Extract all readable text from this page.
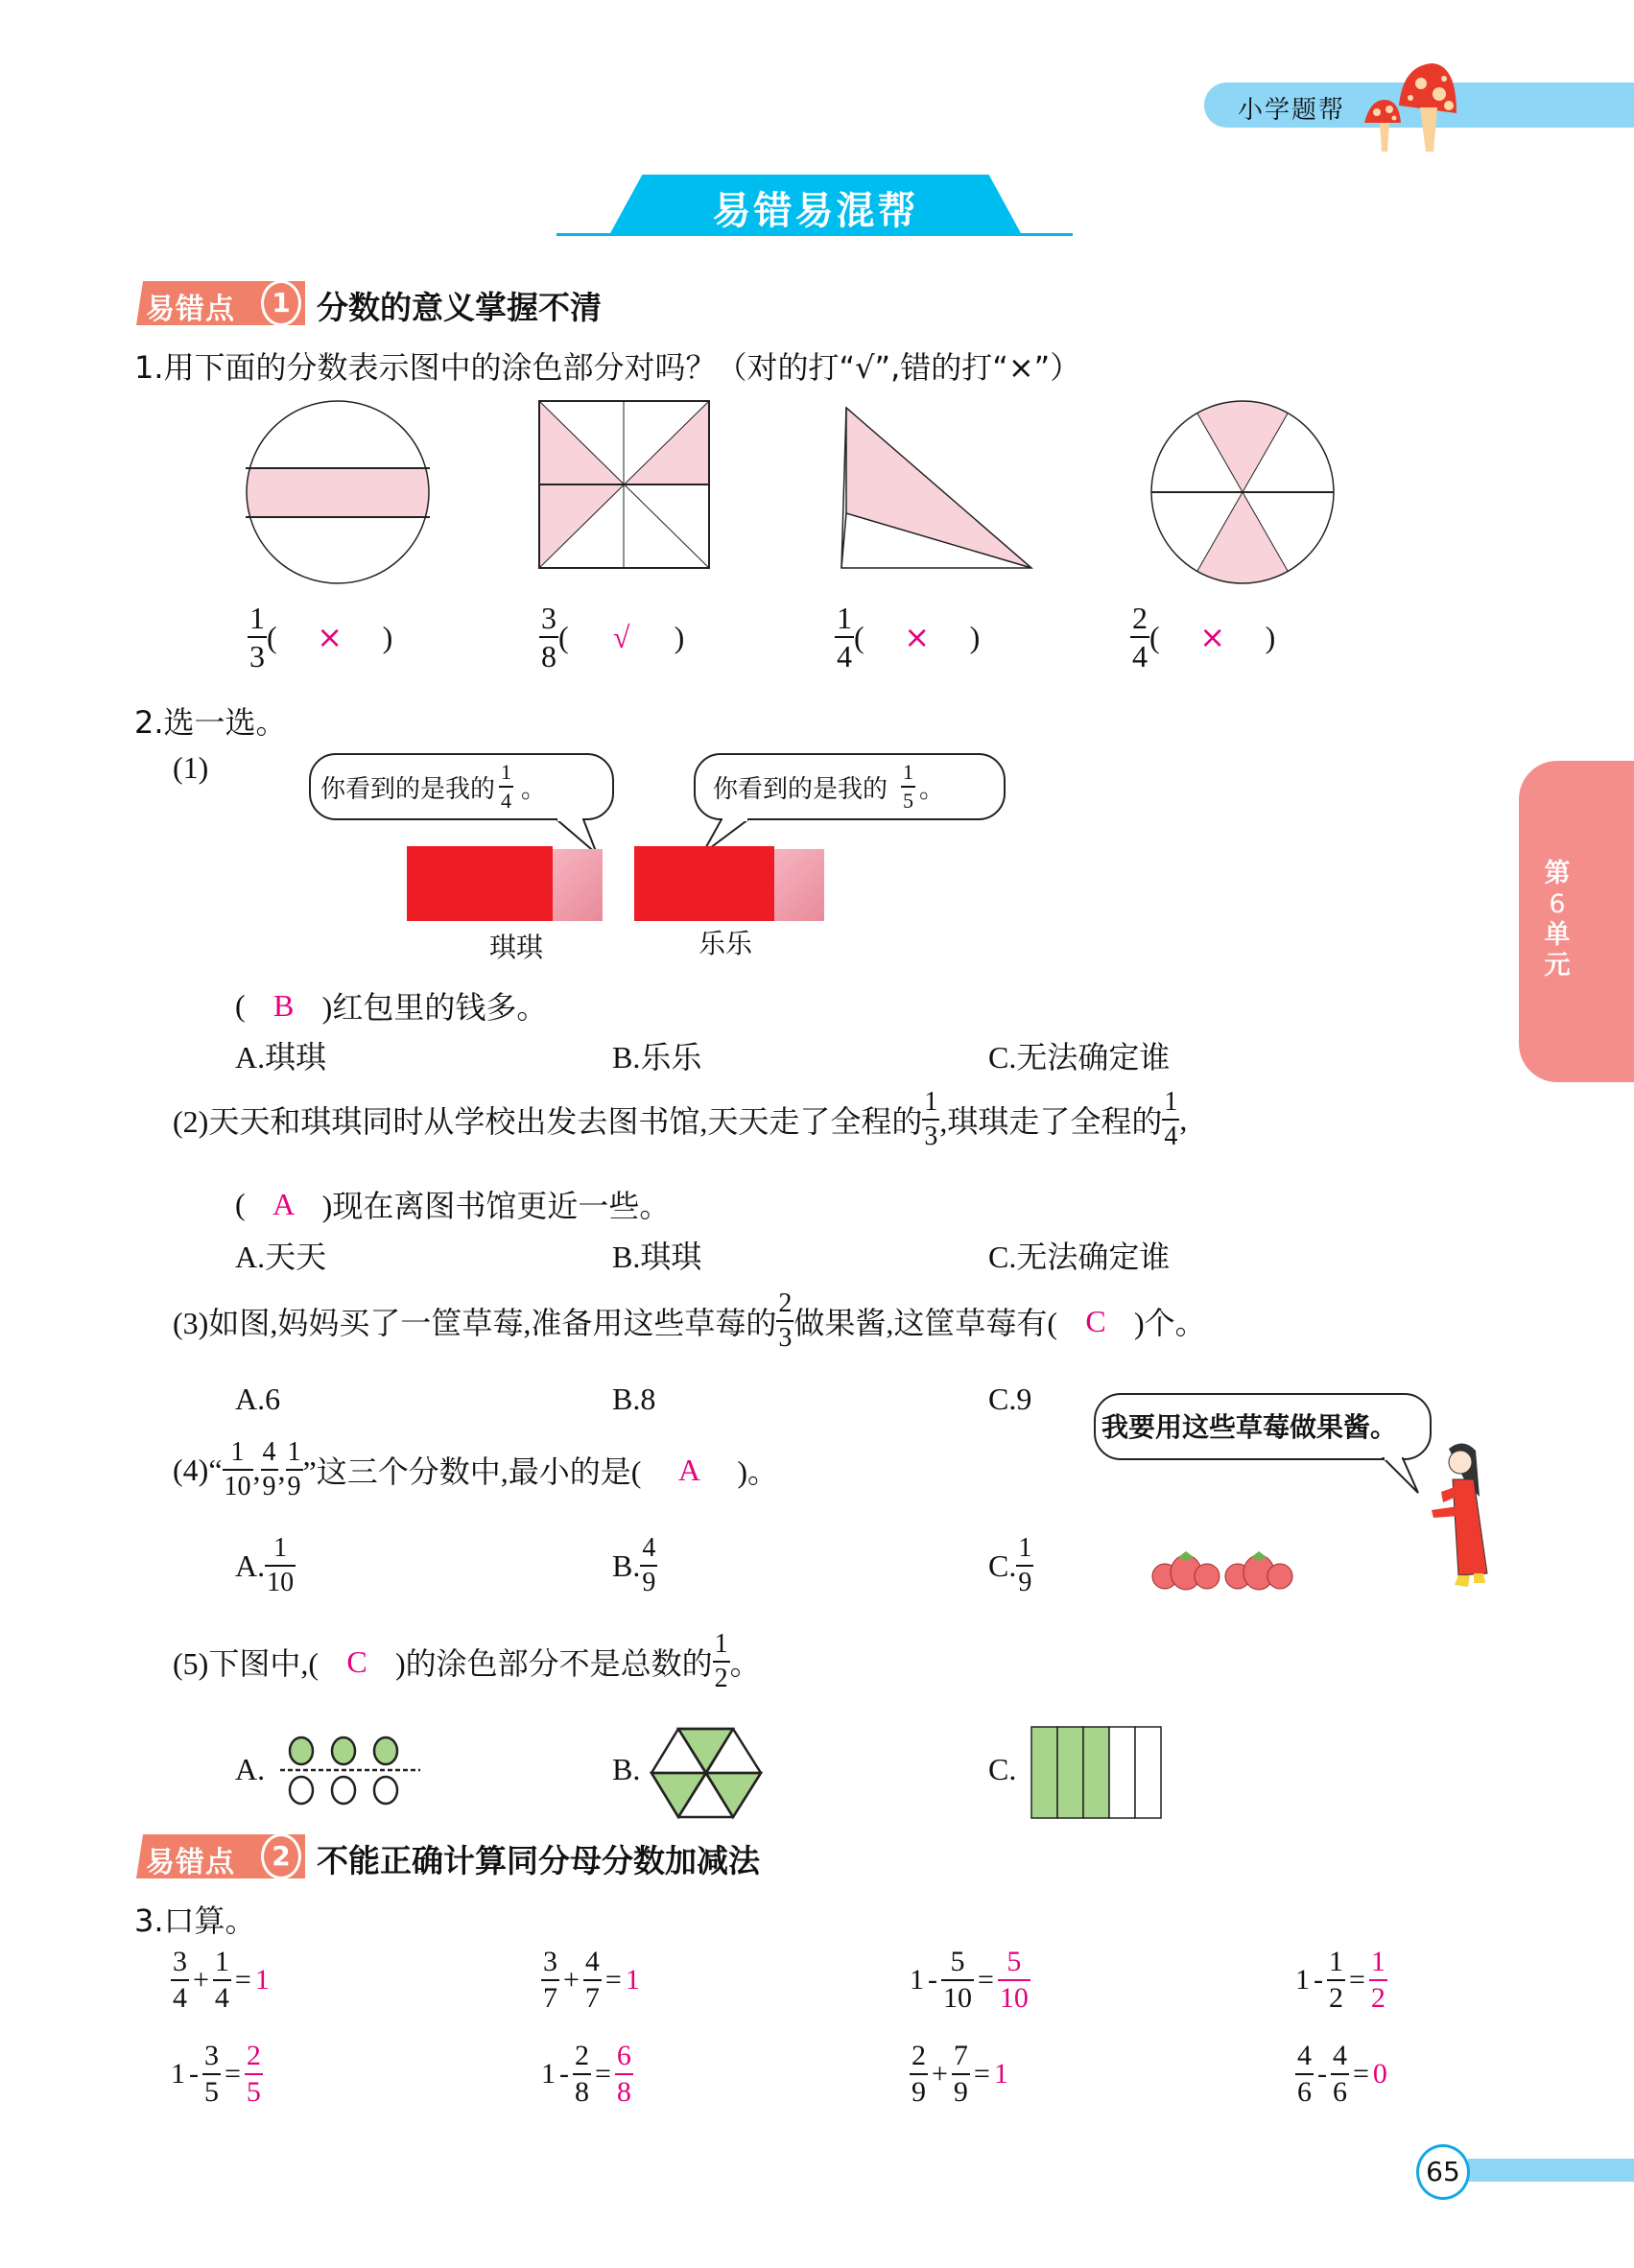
小学题帮
易错易混帮
第
6
单
元
易错点	1 分数的意义掌握不清
1.用下面的分数表示图中的涂色部分对吗？（对的打“√”,错的打“×”）
$\frac{1}{3}$ (	×	)	$\frac{3}{8}$ (	√	)	$\frac{1}{4}$ (	×	)	$\frac{2}{4}$ (	×	)
2.选一选。
(1)
你看到的是我的 $\frac{1}{4}$ 。	你看到的是我的 $\frac{1}{5}$ 。
琪琪	乐乐
( B )红包里的钱多。
A.琪琪	B.乐乐	C.无法确定谁
(2)天天和琪琪同时从学校出发去图书馆,天天走了全程的 $\frac{1}{3}$ ,琪琪走了全程的 $\frac{1}{4}$ ,
( A )现在离图书馆更近一些。
A.天天	B.琪琪	C.无法确定谁
(3)如图,妈妈买了一筐草莓,准备用这些草莓的 $\frac{2}{3}$ 做果酱,这筐草莓有( C )个。
A.6	B.8	C.9
我要用这些草莓做果酱。
(4)“ $\frac{1}{10}$ , $\frac{4}{9}$ , $\frac{1}{9}$ ”这三个分数中,最小的是(	A	)。
A. $\frac{1}{10}$	B. $\frac{4}{9}$	C. $\frac{1}{9}$
(5)下图中,( C )的涂色部分不是总数的 $\frac{1}{2}$ 。
A.	B.	C.
易错点	2 不能正确计算同分母分数加减法
3.口算。
$\frac{3}{4} + \frac{1}{4} = 1$	$\frac{3}{7} + \frac{4}{7} = 1$	$1 - \frac{5}{10} = \frac{5}{10}$	$1 - \frac{1}{2} = \frac{1}{2}$
$1 - \frac{3}{5} = \frac{2}{5}$	$1 - \frac{2}{8} = \frac{6}{8}$	$\frac{2}{9} + \frac{7}{9} = 1$	$\frac{4}{6} - \frac{4}{6} = 0$
65
